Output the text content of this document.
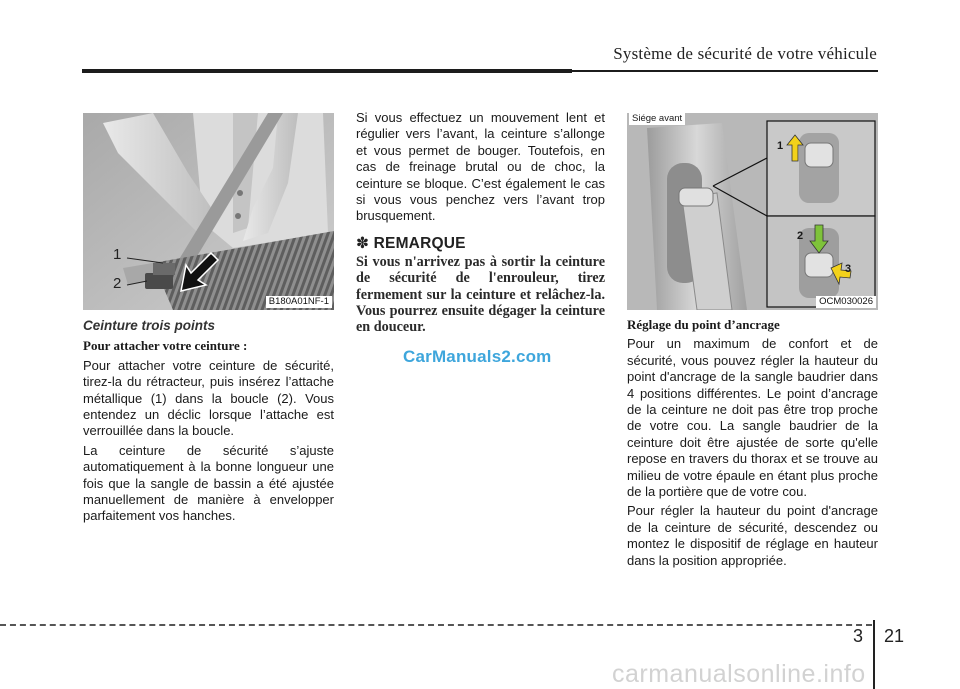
Système de sécurité de votre véhicule
1
2
B180A01NF-1
Ceinture trois points
Pour attacher votre ceinture :

Pour attacher votre ceinture de sécurité, tirez-la du rétracteur, puis insérez l’attache métallique (1) dans la boucle (2). Vous entendez un déclic lorsque l’attache est verrouillée dans la boucle.

La ceinture de sécurité s’ajuste automatiquement à la bonne longueur une fois que la sangle de bassin a été ajustée manuellement de manière à envelopper parfaitement vos hanches.

Si vous effectuez un mouvement lent et régulier vers l’avant, la ceinture s’allonge et vous permet de bouger. Toutefois, en cas de freinage brutal ou de choc, la ceinture se bloque. C’est également le cas si vous vous penchez vers l’avant trop brusquement.

✽ REMARQUE
Si vous n'arrivez pas à sortir la ceinture de sécurité de l'enrouleur, tirez fermement sur la ceinture et relâchez-la. Vous pourrez ensuite dégager la ceinture en douceur.
CarManuals2.com
Siége avant
1
2
3
OCM030026
Réglage du point d’ancrage

Pour un maximum de confort et de sécurité, vous pouvez régler la hauteur du point d'ancrage de la sangle baudrier dans 4 positions différentes. Le point d’ancrage de la ceinture ne doit pas être trop proche de votre cou. La sangle baudrier de la ceinture doit être ajustée de sorte qu'elle repose en travers du thorax et se trouve au milieu de votre épaule en étant plus proche de la portière que de votre cou.

Pour régler la hauteur du point d'ancrage de la ceinture de sécurité, descendez ou montez le dispositif de réglage en hauteur dans la position appropriée.

3 21
carmanualsonline.info
